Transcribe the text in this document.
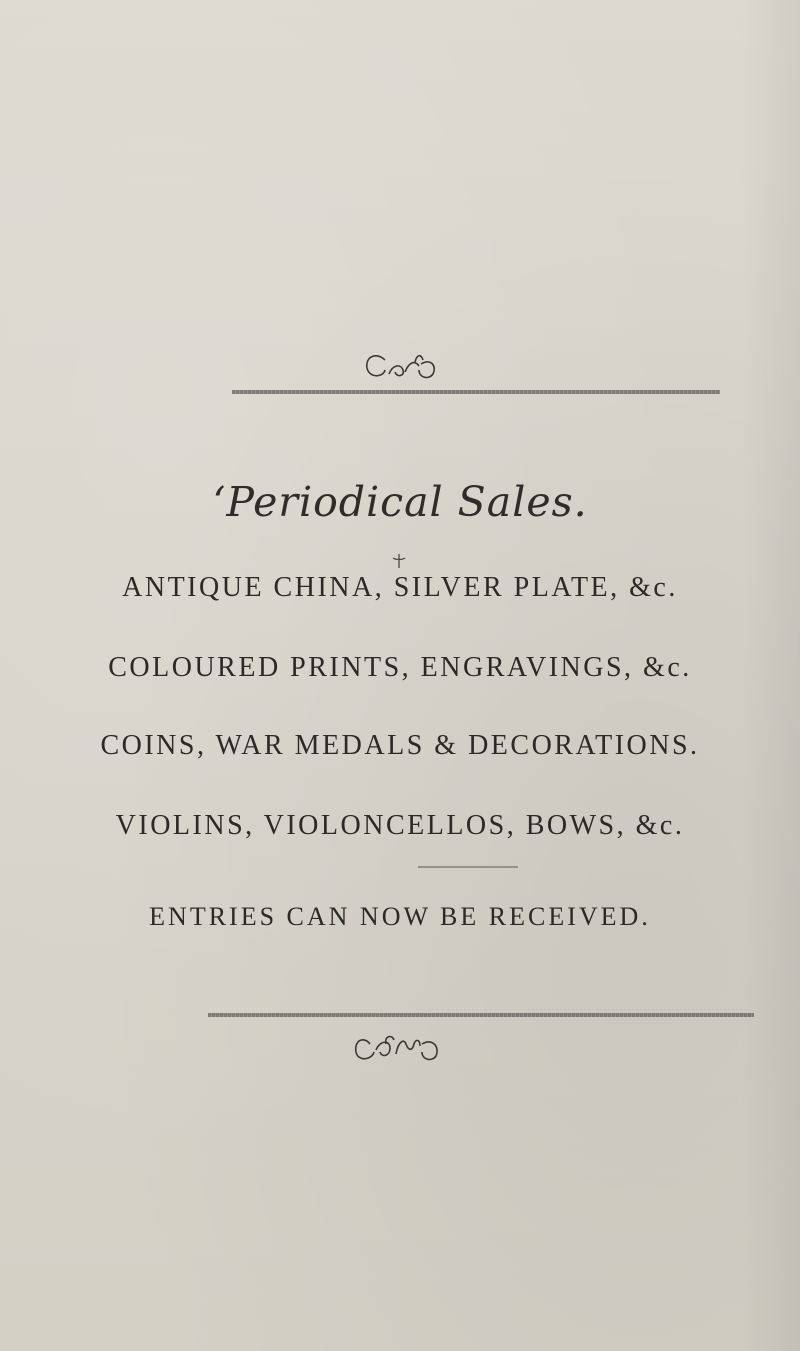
‘Periodical Sales.
ANTIQUE CHINA, SILVER PLATE, &c.
COLOURED PRINTS, ENGRAVINGS, &c.
COINS, WAR MEDALS & DECORATIONS.
VIOLINS, VIOLONCELLOS, BOWS, &c.
ENTRIES CAN NOW BE RECEIVED.
